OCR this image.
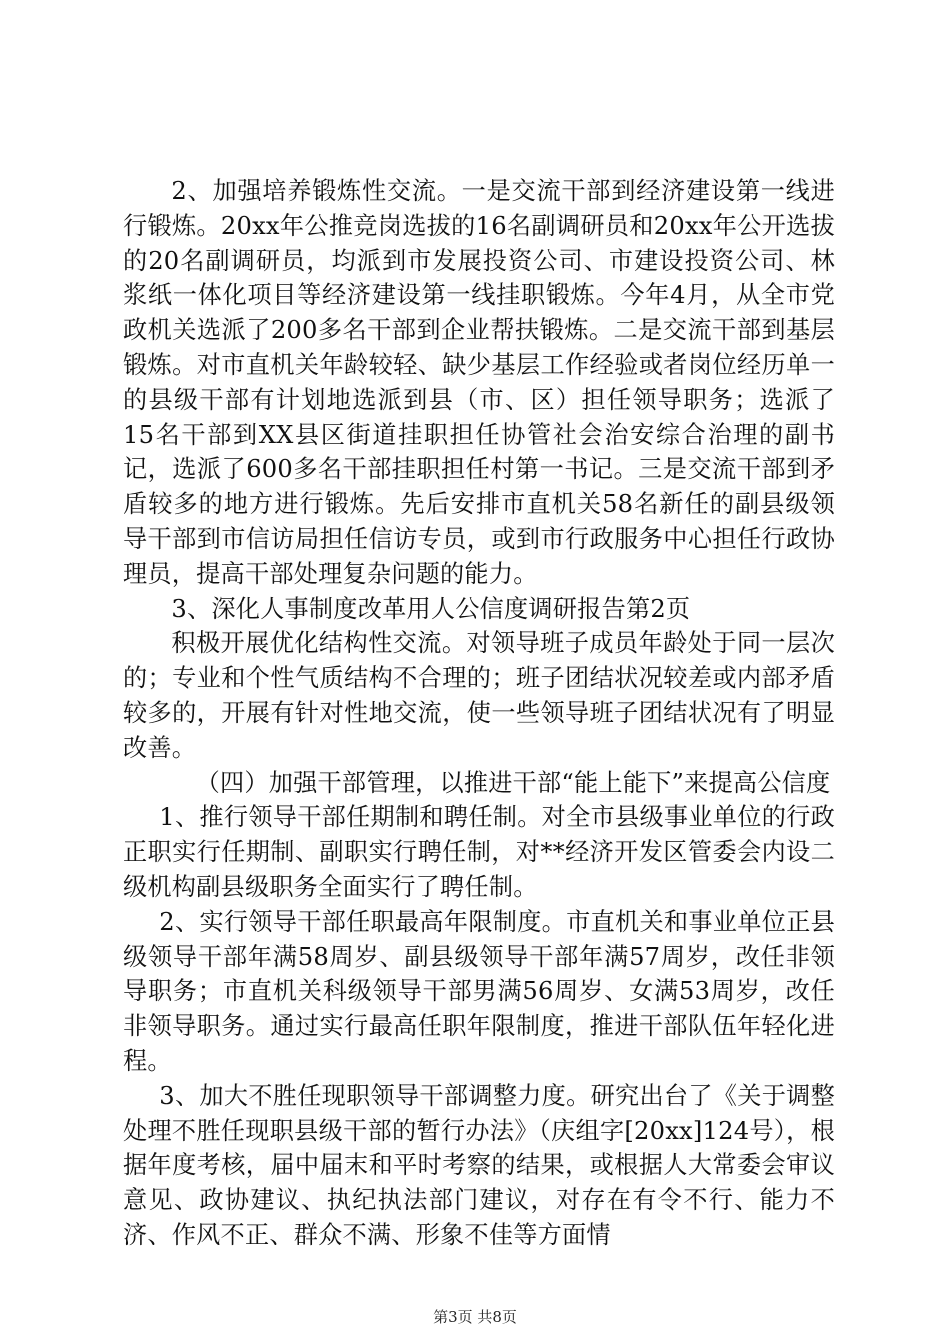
2、加强培养锻炼性交流。一是交流干部到经济建设第一线进行锻炼。20xx年公推竞岗选拔的16名副调研员和20xx年公开选拔的20名副调研员，均派到市发展投资公司、市建设投资公司、林浆纸一体化项目等经济建设第一线挂职锻炼。今年4月，从全市党政机关选派了200多名干部到企业帮扶锻炼。二是交流干部到基层锻炼。对市直机关年龄较轻、缺少基层工作经验或者岗位经历单一的县级干部有计划地选派到县（市、区）担任领导职务；选派了15名干部到XX县区街道挂职担任协管社会治安综合治理的副书记，选派了600多名干部挂职担任村第一书记。三是交流干部到矛盾较多的地方进行锻炼。先后安排市直机关58名新任的副县级领导干部到市信访局担任信访专员，或到市行政服务中心担任行政协理员，提高干部处理复杂问题的能力。

3、深化人事制度改革用人公信度调研报告第2页

积极开展优化结构性交流。对领导班子成员年龄处于同一层次的；专业和个性气质结构不合理的；班子团结状况较差或内部矛盾较多的，开展有针对性地交流，使一些领导班子团结状况有了明显改善。

（四）加强干部管理，以推进干部“能上能下”来提高公信度

1、推行领导干部任期制和聘任制。对全市县级事业单位的行政正职实行任期制、副职实行聘任制，对**经济开发区管委会内设二级机构副县级职务全面实行了聘任制。

2、实行领导干部任职最高年限制度。市直机关和事业单位正县级领导干部年满58周岁、副县级领导干部年满57周岁，改任非领导职务；市直机关科级领导干部男满56周岁、女满53周岁，改任非领导职务。通过实行最高任职年限制度，推进干部队伍年轻化进程。

3、加大不胜任现职领导干部调整力度。研究出台了《关于调整处理不胜任现职县级干部的暂行办法》（庆组字[20xx]124号），根据年度考核，届中届末和平时考察的结果，或根据人大常委会审议意见、政协建议、执纪执法部门建议，对存在有令不行、能力不济、作风不正、群众不满、形象不佳等方面情

第3页 共8页
